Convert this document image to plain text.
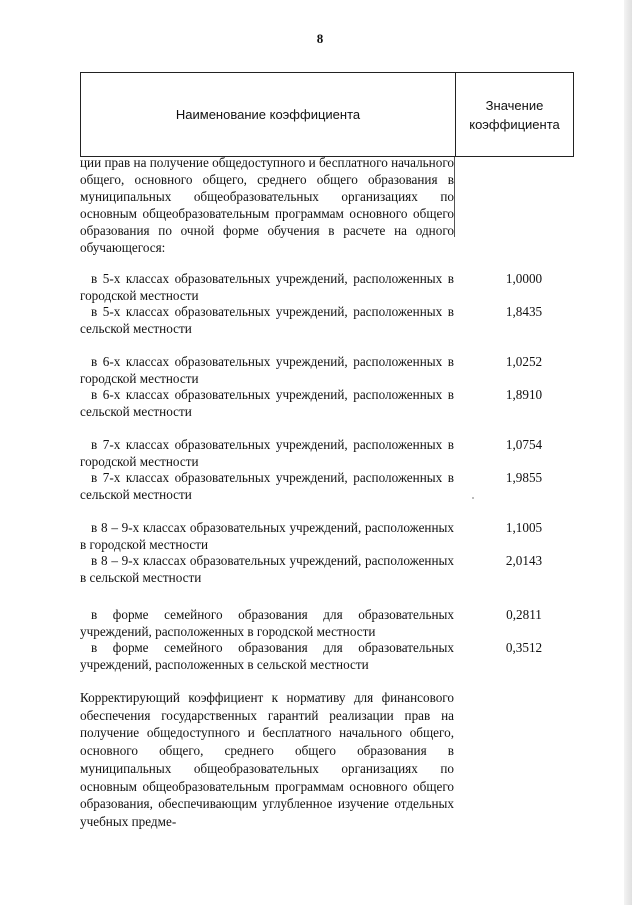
8
Наименование коэффициента
Значение
коэффициента

ции прав на получение общедоступного и бесплатного начального общего, основного общего, среднего общего образования в муниципальных общеобразовательных организациях по основным общеобразовательным программам основного общего образования по очной форме обучения в расчете на одного обучающегося:

в 5-х классах образовательных учреждений, расположенных в городской местности

1,0000

в 5-х классах образовательных учреждений, расположенных в сельской местности

1,8435

в 6-х классах образовательных учреждений, расположенных в городской местности

1,0252

в 6-х классах образовательных учреждений, расположенных в сельской местности

1,8910

в 7-х классах образовательных учреждений, расположенных в городской местности

1,0754

в 7-х классах образовательных учреждений, расположенных в сельской местности

1,9855

в 8 – 9-х классах образовательных учреждений, расположенных в городской местности

1,1005

в 8 – 9-х классах образовательных учреждений, расположенных в сельской местности

2,0143

в форме семейного образования для образовательных учреждений, расположенных в городской местности

0,2811

в форме семейного образования для образовательных учреждений, расположенных в сельской местности

0,3512

Корректирующий коэффициент к нормативу для финансового обеспечения государственных гарантий реализации прав на получение общедоступного и бесплатного начального общего, основного общего, среднего общего образования в муниципальных общеобразовательных организациях по основным общеобразовательным программам основного общего образования, обеспечивающим углубленное изучение отдельных учебных предме-
